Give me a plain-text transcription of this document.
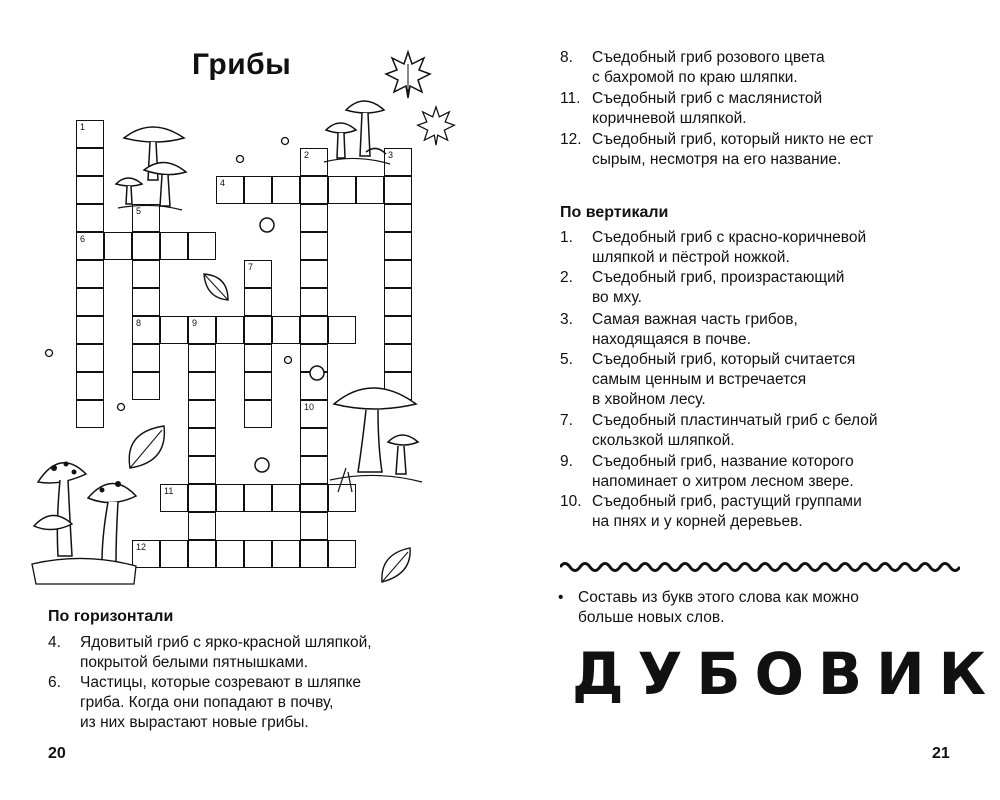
Грибы
1
6
2	3
4
5
8
7
9
10
11
12
По горизонтали
4. Ядовитый гриб с ярко-красной шляпкой,
покрытой белыми пятнышками.
6. Частицы, которые созревают в шляпке
гриба. Когда они попадают в почву,
из них вырастают новые грибы.
20
8. Съедобный гриб розового цвета
с бахромой по краю шляпки.
11. Съедобный гриб с маслянистой
коричневой шляпкой.
12. Съедобный гриб, который никто не ест
сырым, несмотря на его название.
По вертикали
1. Съедобный гриб с красно-коричневой
шляпкой и пёстрой ножкой.
2. Съедобный гриб, произрастающий
во мху.
3. Самая важная часть грибов,
находящаяся в почве.
5. Съедобный гриб, который считается
самым ценным и встречается
в хвойном лесу.
7. Съедобный пластинчатый гриб с белой
скользкой шляпкой.
9. Съедобный гриб, название которого
напоминает о хитром лесном звере.
10. Съедобный гриб, растущий группами
на пнях и у корней деревьев.
• Составь из букв этого слова как можно
больше новых слов.
ДУБОВИК
21
